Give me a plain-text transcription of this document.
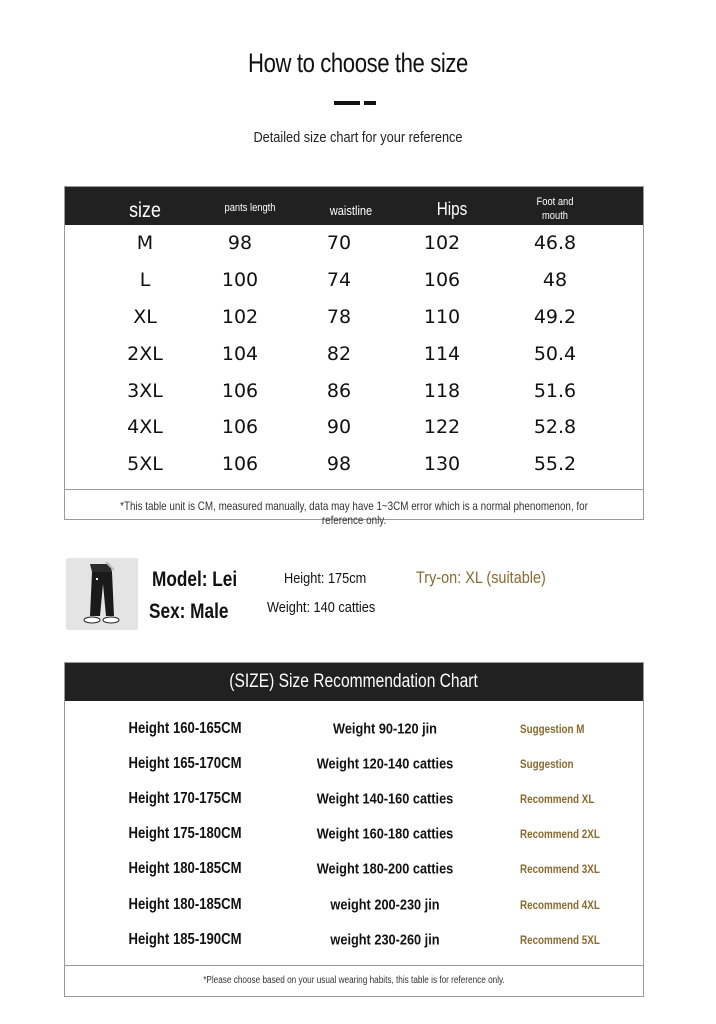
How to choose the size
Detailed size chart for your reference
size	pants length	waistline	Hips	Foot and
mouth
M	98	70	102	46.8
L	100	74	106	48
XL	102	78	110	49.2
2XL	104	82	114	50.4
3XL	106	86	118	51.6
4XL	106	90	122	52.8
5XL	106	98	130	55.2
*This table unit is CM, measured manually, data may have 1~3CM error which is a normal phenomenon, for reference only.
Model: Lei
Sex: Male
Height: 175cm
Weight: 140 catties
Try-on: XL (suitable)
(SIZE) Size Recommendation Chart
Height 160-165CM	Weight 90-120 jin	Suggestion M
Height 165-170CM	Weight 120-140 catties	Suggestion
Height 170-175CM	Weight 140-160 catties	Recommend XL
Height 175-180CM	Weight 160-180 catties	Recommend 2XL
Height 180-185CM	Weight 180-200 catties	Recommend 3XL
Height 180-185CM	weight 200-230 jin	Recommend 4XL
Height 185-190CM	weight 230-260 jin	Recommend 5XL
*Please choose based on your usual wearing habits, this table is for reference only.
